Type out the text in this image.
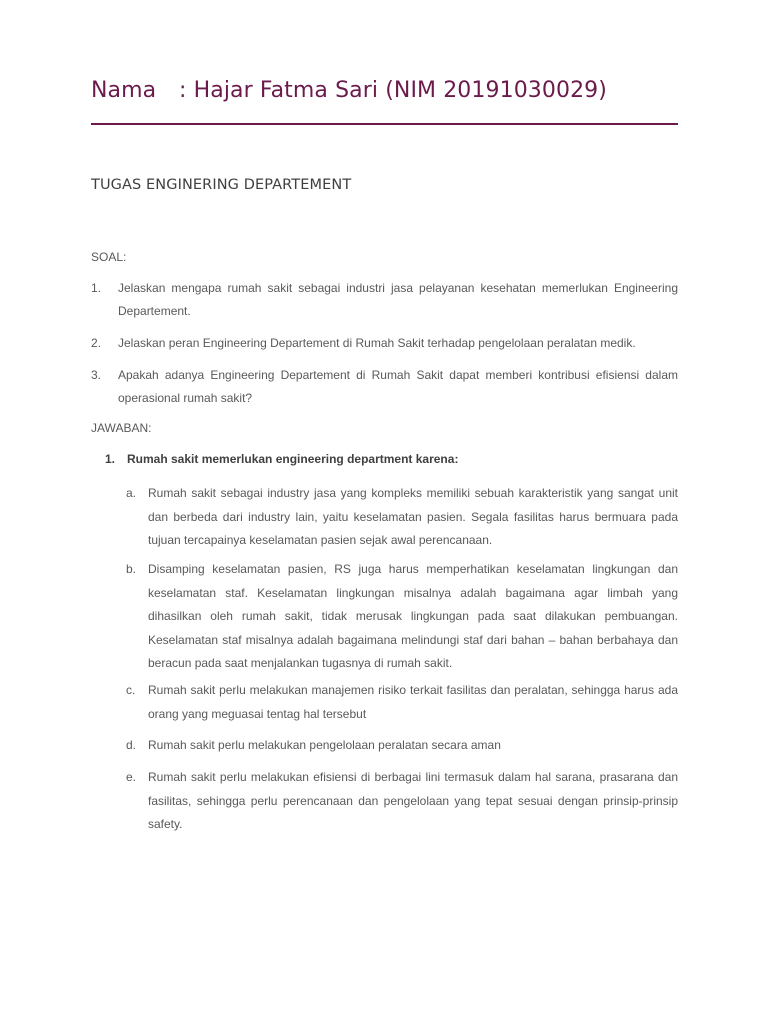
Nama : Hajar Fatma Sari (NIM 20191030029)
TUGAS ENGINERING DEPARTEMENT
SOAL:
1.	Jelaskan mengapa rumah sakit sebagai industri jasa pelayanan kesehatan memerlukan Engineering Departement.
2.	Jelaskan peran Engineering Departement di Rumah Sakit terhadap pengelolaan peralatan medik.
3.	Apakah adanya Engineering Departement di Rumah Sakit dapat memberi kontribusi efisiensi dalam operasional rumah sakit?
JAWABAN:
1. Rumah sakit memerlukan engineering department karena:
a. Rumah sakit sebagai industry jasa yang kompleks memiliki sebuah karakteristik yang sangat unit dan berbeda dari industry lain, yaitu keselamatan pasien. Segala fasilitas harus bermuara pada tujuan tercapainya keselamatan pasien sejak awal perencanaan.
b. Disamping keselamatan pasien, RS juga harus memperhatikan keselamatan lingkungan dan keselamatan staf. Keselamatan lingkungan misalnya adalah bagaimana agar limbah yang dihasilkan oleh rumah sakit, tidak merusak lingkungan pada saat dilakukan pembuangan. Keselamatan staf misalnya adalah bagaimana melindungi staf dari bahan – bahan berbahaya dan beracun pada saat menjalankan tugasnya di rumah sakit.
c.	Rumah sakit perlu melakukan manajemen risiko terkait fasilitas dan peralatan, sehingga harus ada orang yang meguasai tentag hal tersebut
d. Rumah sakit perlu melakukan pengelolaan peralatan secara aman
e. Rumah sakit perlu melakukan efisiensi di berbagai lini termasuk dalam hal sarana, prasarana dan fasilitas, sehingga perlu perencanaan dan pengelolaan yang tepat sesuai dengan prinsip-prinsip safety.
